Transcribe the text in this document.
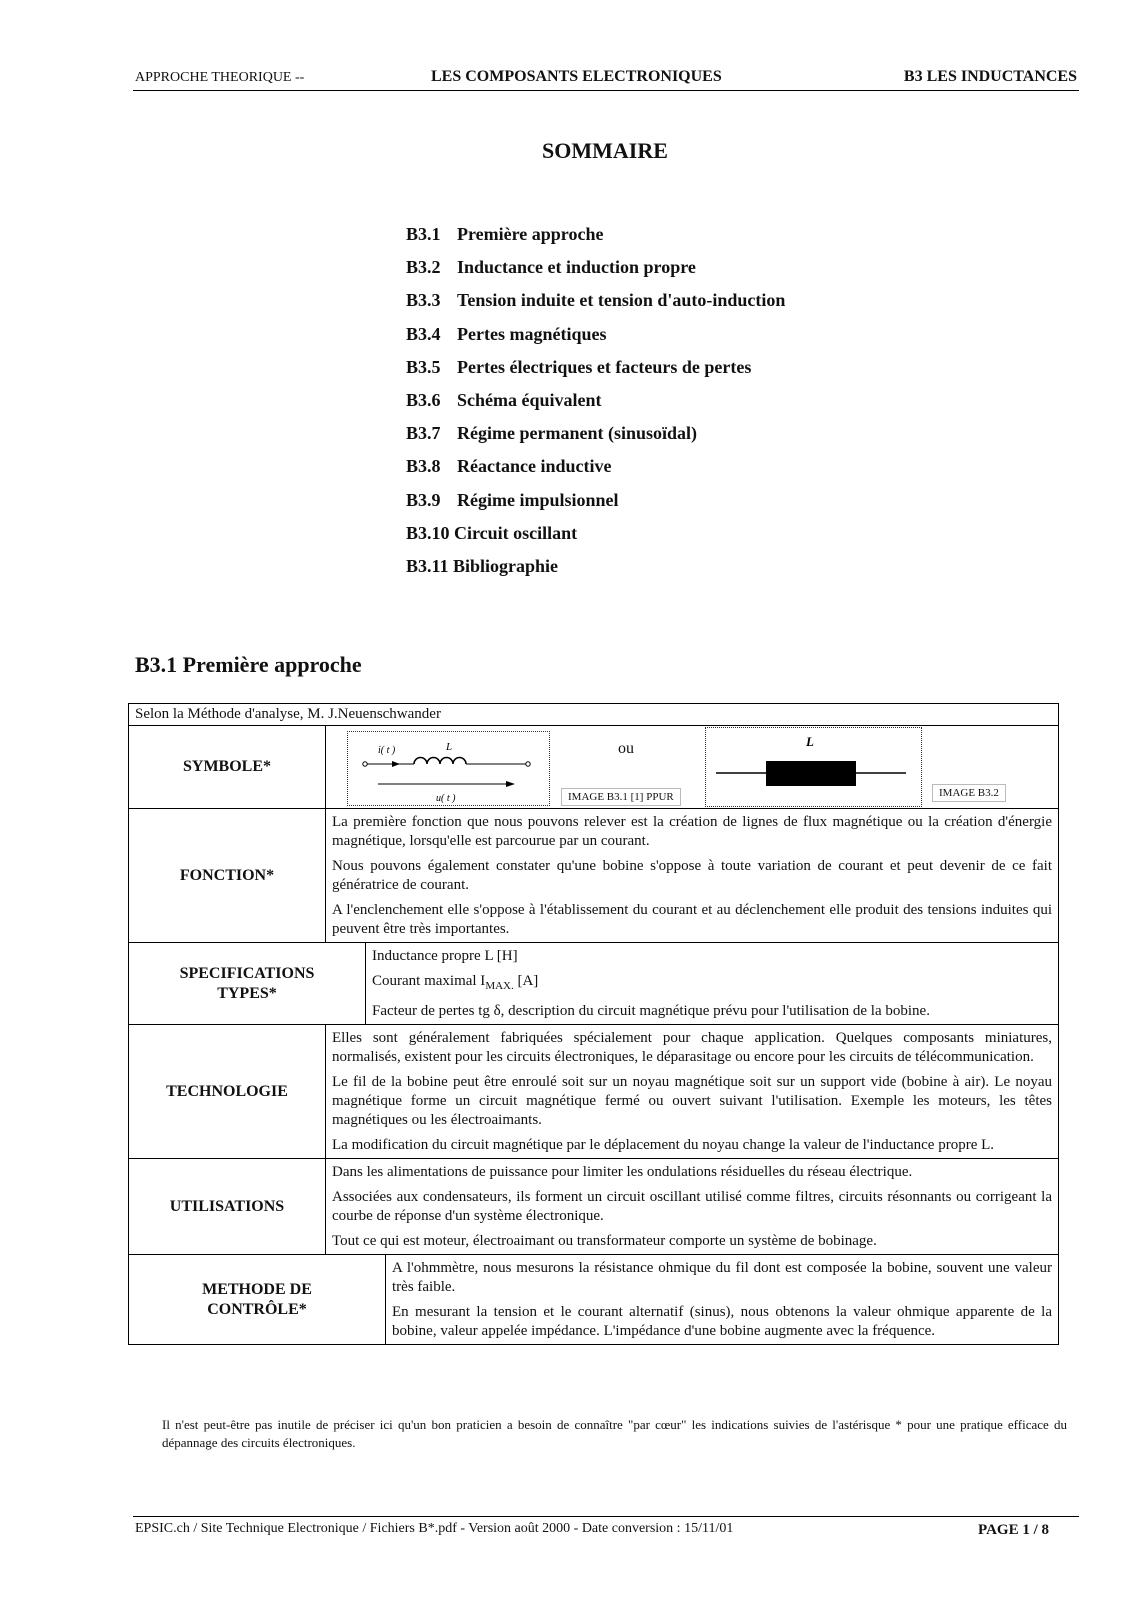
APPROCHE THEORIQUE --	LES COMPOSANTS ELECTRONIQUES	B3 LES INDUCTANCES
SOMMAIRE
B3.1 Première approche
B3.2 Inductance et induction propre
B3.3 Tension induite et tension d'auto-induction
B3.4 Pertes magnétiques
B3.5 Pertes électriques et facteurs de pertes
B3.6 Schéma équivalent
B3.7 Régime permanent (sinusoïdal)
B3.8 Réactance inductive
B3.9 Régime impulsionnel
B3.10 Circuit oscillant
B3.11 Bibliographie
B3.1 Première approche
Selon la Méthode d'analyse, M. J.Neuenschwander
SYMBOLE*
i( t )	L
u( t )	IMAGE B3.1 [1] PPUR
ou	L
IMAGE B3.2
FONCTION*

La première fonction que nous pouvons relever est la création de lignes de flux magnétique ou la création d'énergie magnétique, lorsqu'elle est parcourue par un courant.

Nous pouvons également constater qu'une bobine s'oppose à toute variation de courant et peut devenir de ce fait génératrice de courant.

A l'enclenchement elle s'oppose à l'établissement du courant et au déclenchement elle produit des tensions induites qui peuvent être très importantes.

SPECIFICATIONS TYPES*

Inductance propre L [H]

Courant maximal $I_{MAX.}$ [A]

Facteur de pertes tg δ, description du circuit magnétique prévu pour l'utilisation de la bobine.

TECHNOLOGIE

Elles sont généralement fabriquées spécialement pour chaque application. Quelques composants miniatures, normalisés, existent pour les circuits électroniques, le déparasitage ou encore pour les circuits de télécommunication.

Le fil de la bobine peut être enroulé soit sur un noyau magnétique soit sur un support vide (bobine à air). Le noyau magnétique forme un circuit magnétique fermé ou ouvert suivant l'utilisation. Exemple les moteurs, les têtes magnétiques ou les électroaimants.

La modification du circuit magnétique par le déplacement du noyau change la valeur de l'inductance propre L.

UTILISATIONS

Dans les alimentations de puissance pour limiter les ondulations résiduelles du réseau électrique.

Associées aux condensateurs, ils forment un circuit oscillant utilisé comme filtres, circuits résonnants ou corrigeant la courbe de réponse d'un système électronique.

Tout ce qui est moteur, électroaimant ou transformateur comporte un système de bobinage.

METHODE DE CONTRÔLE*

A l'ohmmètre, nous mesurons la résistance ohmique du fil dont est composée la bobine, souvent une valeur très faible.

En mesurant la tension et le courant alternatif (sinus), nous obtenons la valeur ohmique apparente de la bobine, valeur appelée impédance. L'impédance d'une bobine augmente avec la fréquence.

Il n'est peut-être pas inutile de préciser ici qu'un bon praticien a besoin de connaître "par cœur" les indications suivies de l'astérisque * pour une pratique efficace du dépannage des circuits électroniques.
EPSIC.ch / Site Technique Electronique / Fichiers B*.pdf - Version août 2000 - Date conversion : 15/11/01	PAGE 1 / 8
